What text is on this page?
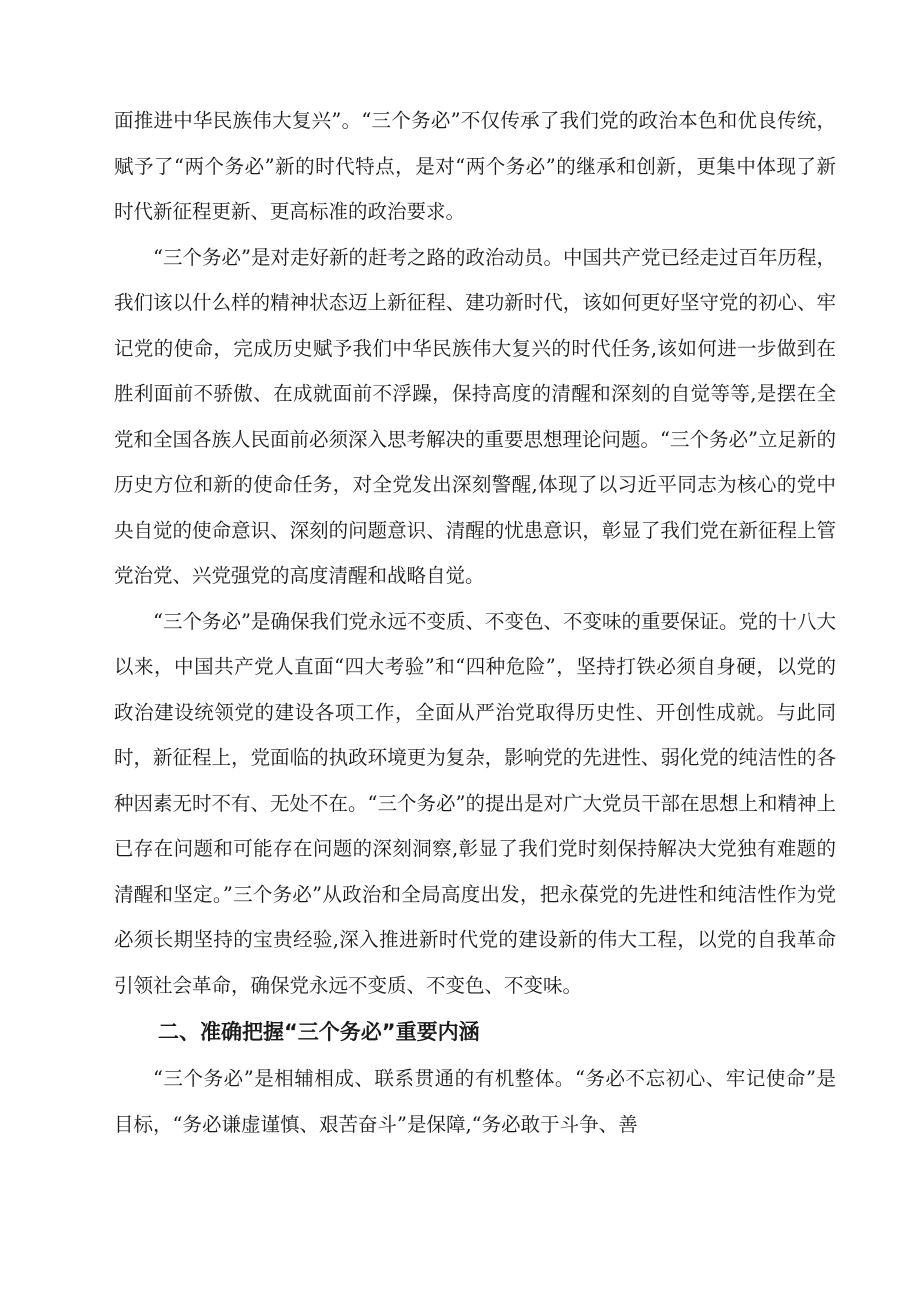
面推进中华民族伟大复兴”。“三个务必”不仅传承了我们党的政治本色和优良传统，赋予了“两个务必”新的时代特点，是对“两个务必”的继承和创新，更集中体现了新时代新征程更新、更高标准的政治要求。

“三个务必”是对走好新的赶考之路的政治动员。中国共产党已经走过百年历程，我们该以什么样的精神状态迈上新征程、建功新时代，该如何更好坚守党的初心、牢记党的使命，完成历史赋予我们中华民族伟大复兴的时代任务,该如何进一步做到在胜利面前不骄傲、在成就面前不浮躁，保持高度的清醒和深刻的自觉等等,是摆在全党和全国各族人民面前必须深入思考解决的重要思想理论问题。“三个务必”立足新的历史方位和新的使命任务，对全党发出深刻警醒,体现了以习近平同志为核心的党中央自觉的使命意识、深刻的问题意识、清醒的忧患意识，彰显了我们党在新征程上管党治党、兴党强党的高度清醒和战略自觉。

“三个务必”是确保我们党永远不变质、不变色、不变味的重要保证。党的十八大以来，中国共产党人直面“四大考验”和“四种危险”，坚持打铁必须自身硬，以党的政治建设统领党的建设各项工作，全面从严治党取得历史性、开创性成就。与此同时，新征程上，党面临的执政环境更为复杂，影响党的先进性、弱化党的纯洁性的各种因素无时不有、无处不在。“三个务必”的提出是对广大党员干部在思想上和精神上已存在问题和可能存在问题的深刻洞察,彰显了我们党时刻保持解决大党独有难题的清醒和坚定。”三个务必”从政治和全局高度出发，把永葆党的先进性和纯洁性作为党必须长期坚持的宝贵经验,深入推进新时代党的建设新的伟大工程，以党的自我革命引领社会革命，确保党永远不变质、不变色、不变味。

二、准确把握“三个务必”重要内涵

“三个务必”是相辅相成、联系贯通的有机整体。“务必不忘初心、牢记使命”是目标，“务必谦虚谨慎、艰苦奋斗”是保障,“务必敢于斗争、善
